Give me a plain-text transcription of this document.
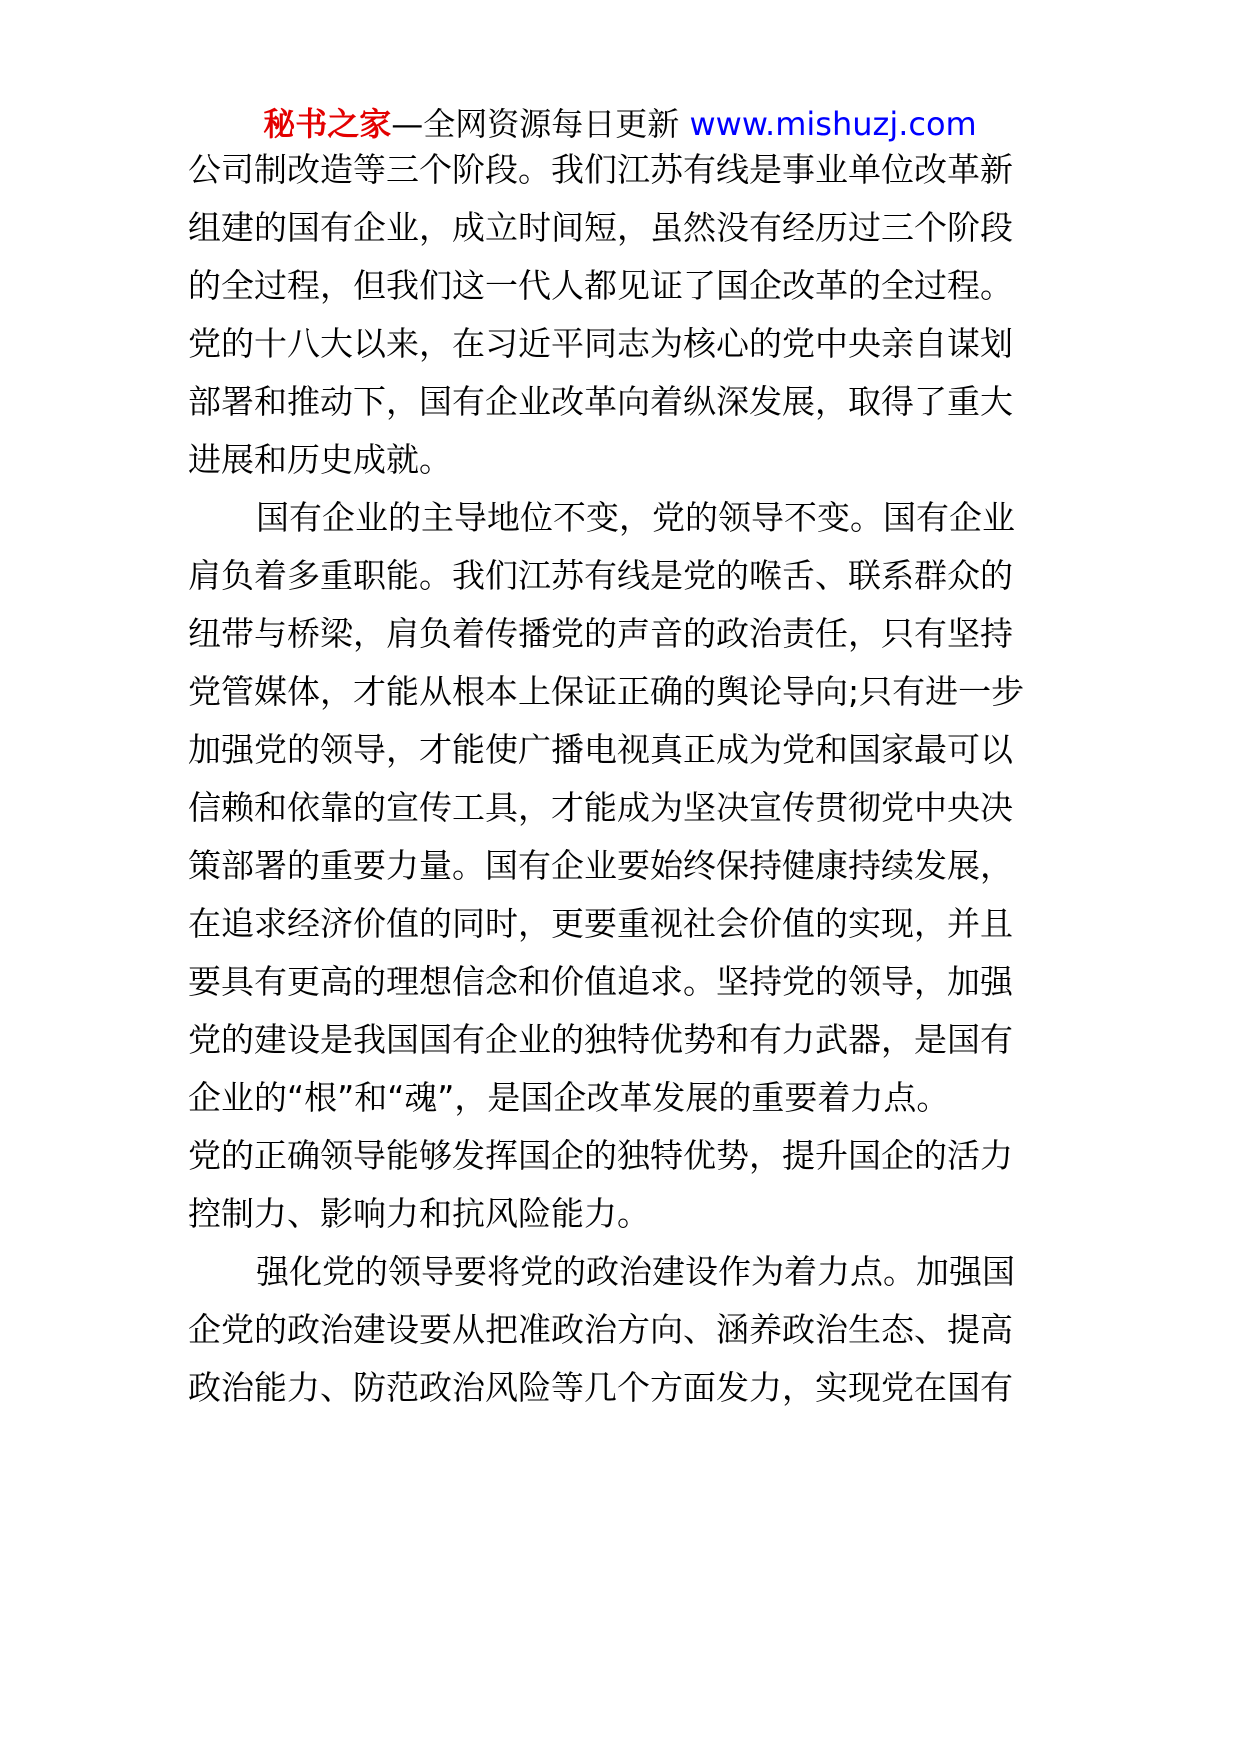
秘书之家—全网资源每日更新 www.mishuzj.com

公司制改造等三个阶段。我们江苏有线是事业单位改革新

组建的国有企业，成立时间短，虽然没有经历过三个阶段

的全过程，但我们这一代人都见证了国企改革的全过程。

党的十八大以来，在习近平同志为核心的党中央亲自谋划

部署和推动下，国有企业改革向着纵深发展，取得了重大

进展和历史成就。

国有企业的主导地位不变，党的领导不变。国有企业

肩负着多重职能。我们江苏有线是党的喉舌、联系群众的

纽带与桥梁，肩负着传播党的声音的政治责任，只有坚持

党管媒体，才能从根本上保证正确的舆论导向;只有进一步

加强党的领导，才能使广播电视真正成为党和国家最可以

信赖和依靠的宣传工具，才能成为坚决宣传贯彻党中央决

策部署的重要力量。国有企业要始终保持健康持续发展，

在追求经济价值的同时，更要重视社会价值的实现，并且

要具有更高的理想信念和价值追求。坚持党的领导，加强

党的建设是我国国有企业的独特优势和有力武器，是国有

企业的“根”和“魂”，是国企改革发展的重要着力点。

党的正确领导能够发挥国企的独特优势，提升国企的活力

控制力、影响力和抗风险能力。

强化党的领导要将党的政治建设作为着力点。加强国

企党的政治建设要从把准政治方向、涵养政治生态、提高

政治能力、防范政治风险等几个方面发力，实现党在国有
